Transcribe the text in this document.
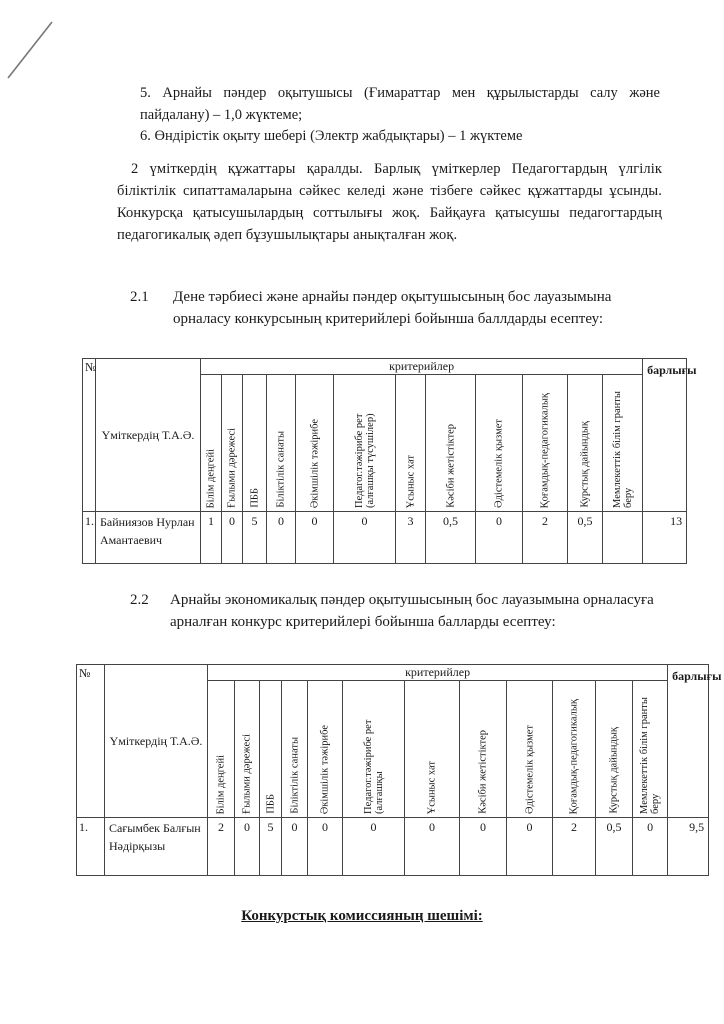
5. Арнайы пәндер оқытушысы (Ғимараттар мен құрылыстарды салу және пайдалану) – 1,0 жүктеме;

6. Өндірістік оқыту шебері (Электр жабдықтары) – 1 жүктеме

2 үміткердің құжаттары қаралды. Барлық үміткерлер Педагогтардың үлгілік біліктілік сипаттамаларына сәйкес келеді және тізбеге сәйкес құжаттарды ұсынды. Конкурсқа қатысушылардың соттылығы жоқ. Байқауға қатысушы педагогтардың педагогикалық әдеп бұзушылықтары анықталған жоқ.

2.1 Дене тәрбиесі және арнайы пәндер оқытушысының бос лауазымына орналасу конкурсының критерийлері бойынша баллдарды есептеу:
№	Үміткердің Т.А.Ә.	критерийлер												барлығы

		Білім деңгейі	Ғылыми дәрежесі	ПББ	Біліктілік санаты	Әкімшілік тәжірибе	Педагог.тәжірибе рет (алғашқы түсушілер)	Ұсыныс хат	Кәсіби жетістіктер	Әдістемелік қызмет	Қоғамдық-педагогикалық	Курстық дайындық	Мемлекеттік білім гранты беру	

1.	Байниязов Нурлан Амантаевич	1	0	5	0	0	0	3	0,5	0	2	0,5		13
2.2 Арнайы экономикалық пәндер оқытушысының бос лауазымына орналасуға арналған конкурс критерийлері бойынша балларды есептеу:
№	Үміткердің Т.А.Ә.	критерийлер												барлығы

		Білім деңгейі	Ғылыми дәрежесі	ПББ	Біліктілік санаты	Әкімшілік тәжірибе	Педагог.тәжірибе рет (алғашқы	Ұсыныс хат	Кәсіби жетістіктер	Әдістемелік қызмет	Қоғамдық-педагогикалық	Курстық дайындық	Мемлекеттік білім гранты беру	

1.	Сағымбек Балғын Нәдірқызы	2	0	5	0	0	0	0	0	0	2	0,5	0	9,5
Конкурстық комиссияның шешімі:
